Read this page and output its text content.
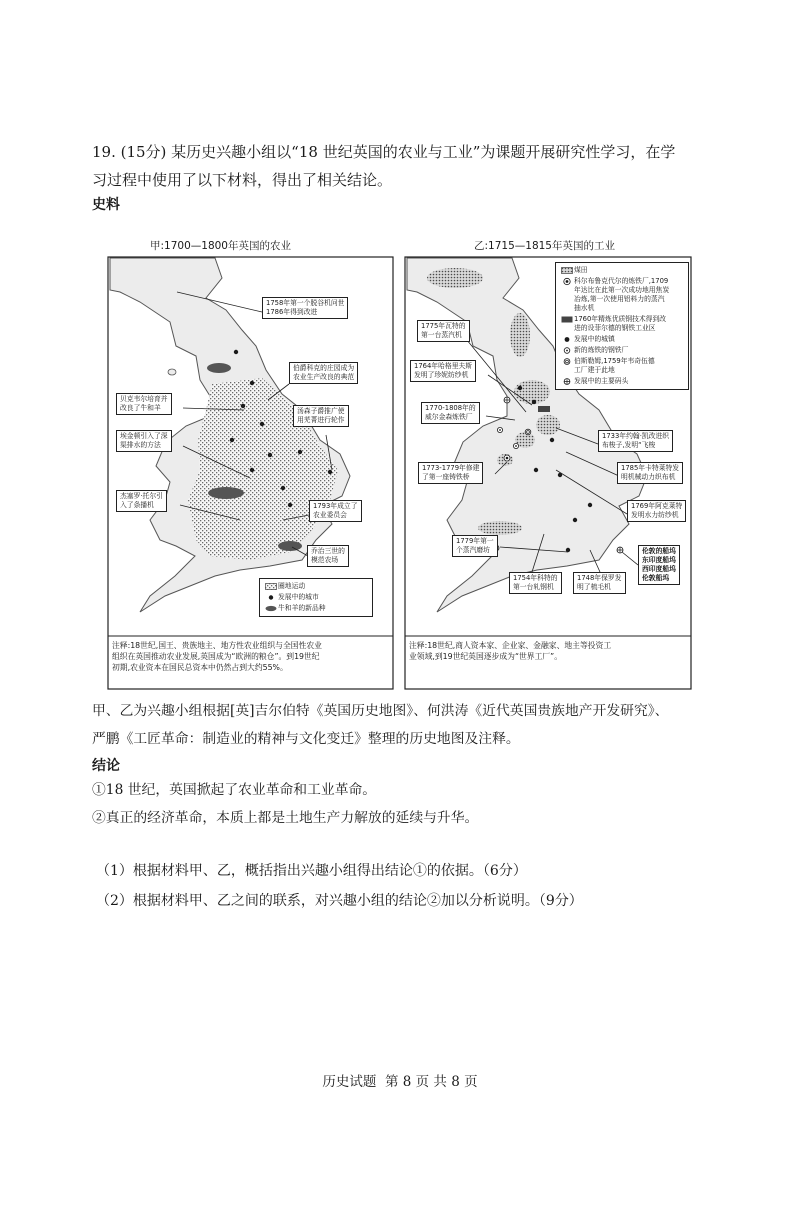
19. (15分) 某历史兴趣小组以“18 世纪英国的农业与工业”为课题开展研究性学习，在学
习过程中使用了以下材料，得出了相关结论。
史料
甲:1700—1800年英国的农业	乙:1715—1815年英国的工业
1758年第一个脱谷机问世
1786年得到改进
伯爵科克的庄园成为
农业生产改良的典范
贝克韦尔培育并
改良了牛和羊	汤森子爵推广使
用芜菁进行轮作
埃金顿引入了深
渠排水的方法
杰塞罗·托尔引
入了条播机	1793年成立了
农业委员会
乔治三世的
模范农场
圈地运动
发展中的城市
牛和羊的新品种
注释:18世纪,国王、贵族地主、地方性农业组织与全国性农业
组织在英国推动农业发展,英国成为“欧洲的粮仓”。到19世纪
初期,农业资本在国民总资本中仍然占到大约55%。
煤田
科尔布鲁克代尔的炼铁厂,1709
年达比在此第一次成功地用焦炭
冶炼,第一次使用铝料力的蒸汽
抽水机
1760年精炼优质钢技术得到改
进的设菲尔德的钢铁工业区
发展中的城镇
新的炼铁的钢铁厂
伯斯勒姆,1759年韦奇伍德
工厂建于此地
发展中的主要码头
1775年瓦特的
第一台蒸汽机
1764年哈格里夫斯
发明了珍妮纺纱机
1770-1808年的
威尔金森炼铁厂
1733年约翰·凯改进织
布梭子,发明“飞梭
1773-1779年修建
了第一座铸铁桥
1785年卡特莱特发
明机械动力织布机
1769年阿克莱特
发明水力纺纱机
伦敦的船坞
东印度船坞
西印度船坞
伦敦船坞
1779年第一
个蒸汽磨坊
1754年科特的
第一台轧钢机
1748年保罗发
明了梳毛机
注释:18世纪,商人资本家、企业家、金融家、地主等投资工
业领域,到19世纪英国逐步成为“世界工厂”。
甲、乙为兴趣小组根据[英]吉尔伯特《英国历史地图》、何洪涛《近代英国贵族地产开发研究》、
严鹏《工匠革命：制造业的精神与文化变迁》整理的历史地图及注释。
结论
①18 世纪，英国掀起了农业革命和工业革命。
②真正的经济革命，本质上都是土地生产力解放的延续与升华。
（1）根据材料甲、乙，概括指出兴趣小组得出结论①的依据。（6分）
（2）根据材料甲、乙之间的联系，对兴趣小组的结论②加以分析说明。（9分）
历史试题  第 8 页 共 8 页
